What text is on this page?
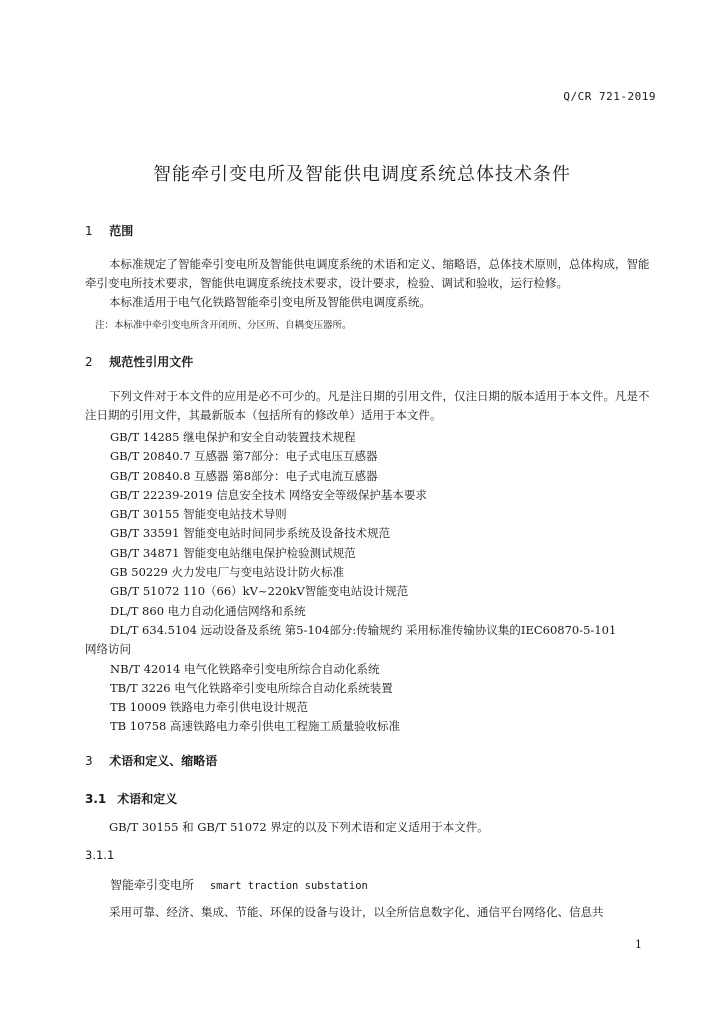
Q/CR 721-2019
智能牵引变电所及智能供电调度系统总体技术条件
1 范围
本标准规定了智能牵引变电所及智能供电调度系统的术语和定义、缩略语，总体技术原则，总体构成，智能牵引变电所技术要求，智能供电调度系统技术要求，设计要求，检验、调试和验收，运行检修。
本标准适用于电气化铁路智能牵引变电所及智能供电调度系统。
注：本标准中牵引变电所含开闭所、分区所、自耦变压器所。
2 规范性引用文件
下列文件对于本文件的应用是必不可少的。凡是注日期的引用文件，仅注日期的版本适用于本文件。凡是不注日期的引用文件，其最新版本（包括所有的修改单）适用于本文件。
GB/T 14285 继电保护和安全自动装置技术规程
GB/T 20840.7 互感器 第7部分：电子式电压互感器
GB/T 20840.8 互感器 第8部分：电子式电流互感器
GB/T 22239-2019 信息安全技术 网络安全等级保护基本要求
GB/T 30155 智能变电站技术导则
GB/T 33591 智能变电站时间同步系统及设备技术规范
GB/T 34871 智能变电站继电保护检验测试规范
GB 50229 火力发电厂与变电站设计防火标准
GB/T 51072 110（66）kV~220kV智能变电站设计规范
DL/T 860 电力自动化通信网络和系统
DL/T 634.5104 远动设备及系统 第5-104部分:传输规约 采用标准传输协议集的IEC60870-5-101
网络访问
NB/T 42014 电气化铁路牵引变电所综合自动化系统
TB/T 3226 电气化铁路牵引变电所综合自动化系统装置
TB 10009 铁路电力牵引供电设计规范
TB 10758 高速铁路电力牵引供电工程施工质量验收标准
3 术语和定义、缩略语
3.1 术语和定义
GB/T 30155 和 GB/T 51072 界定的以及下列术语和定义适用于本文件。
3.1.1
智能牵引变电所 smart traction substation
采用可靠、经济、集成、节能、环保的设备与设计，以全所信息数字化、通信平台网络化、信息共
1
